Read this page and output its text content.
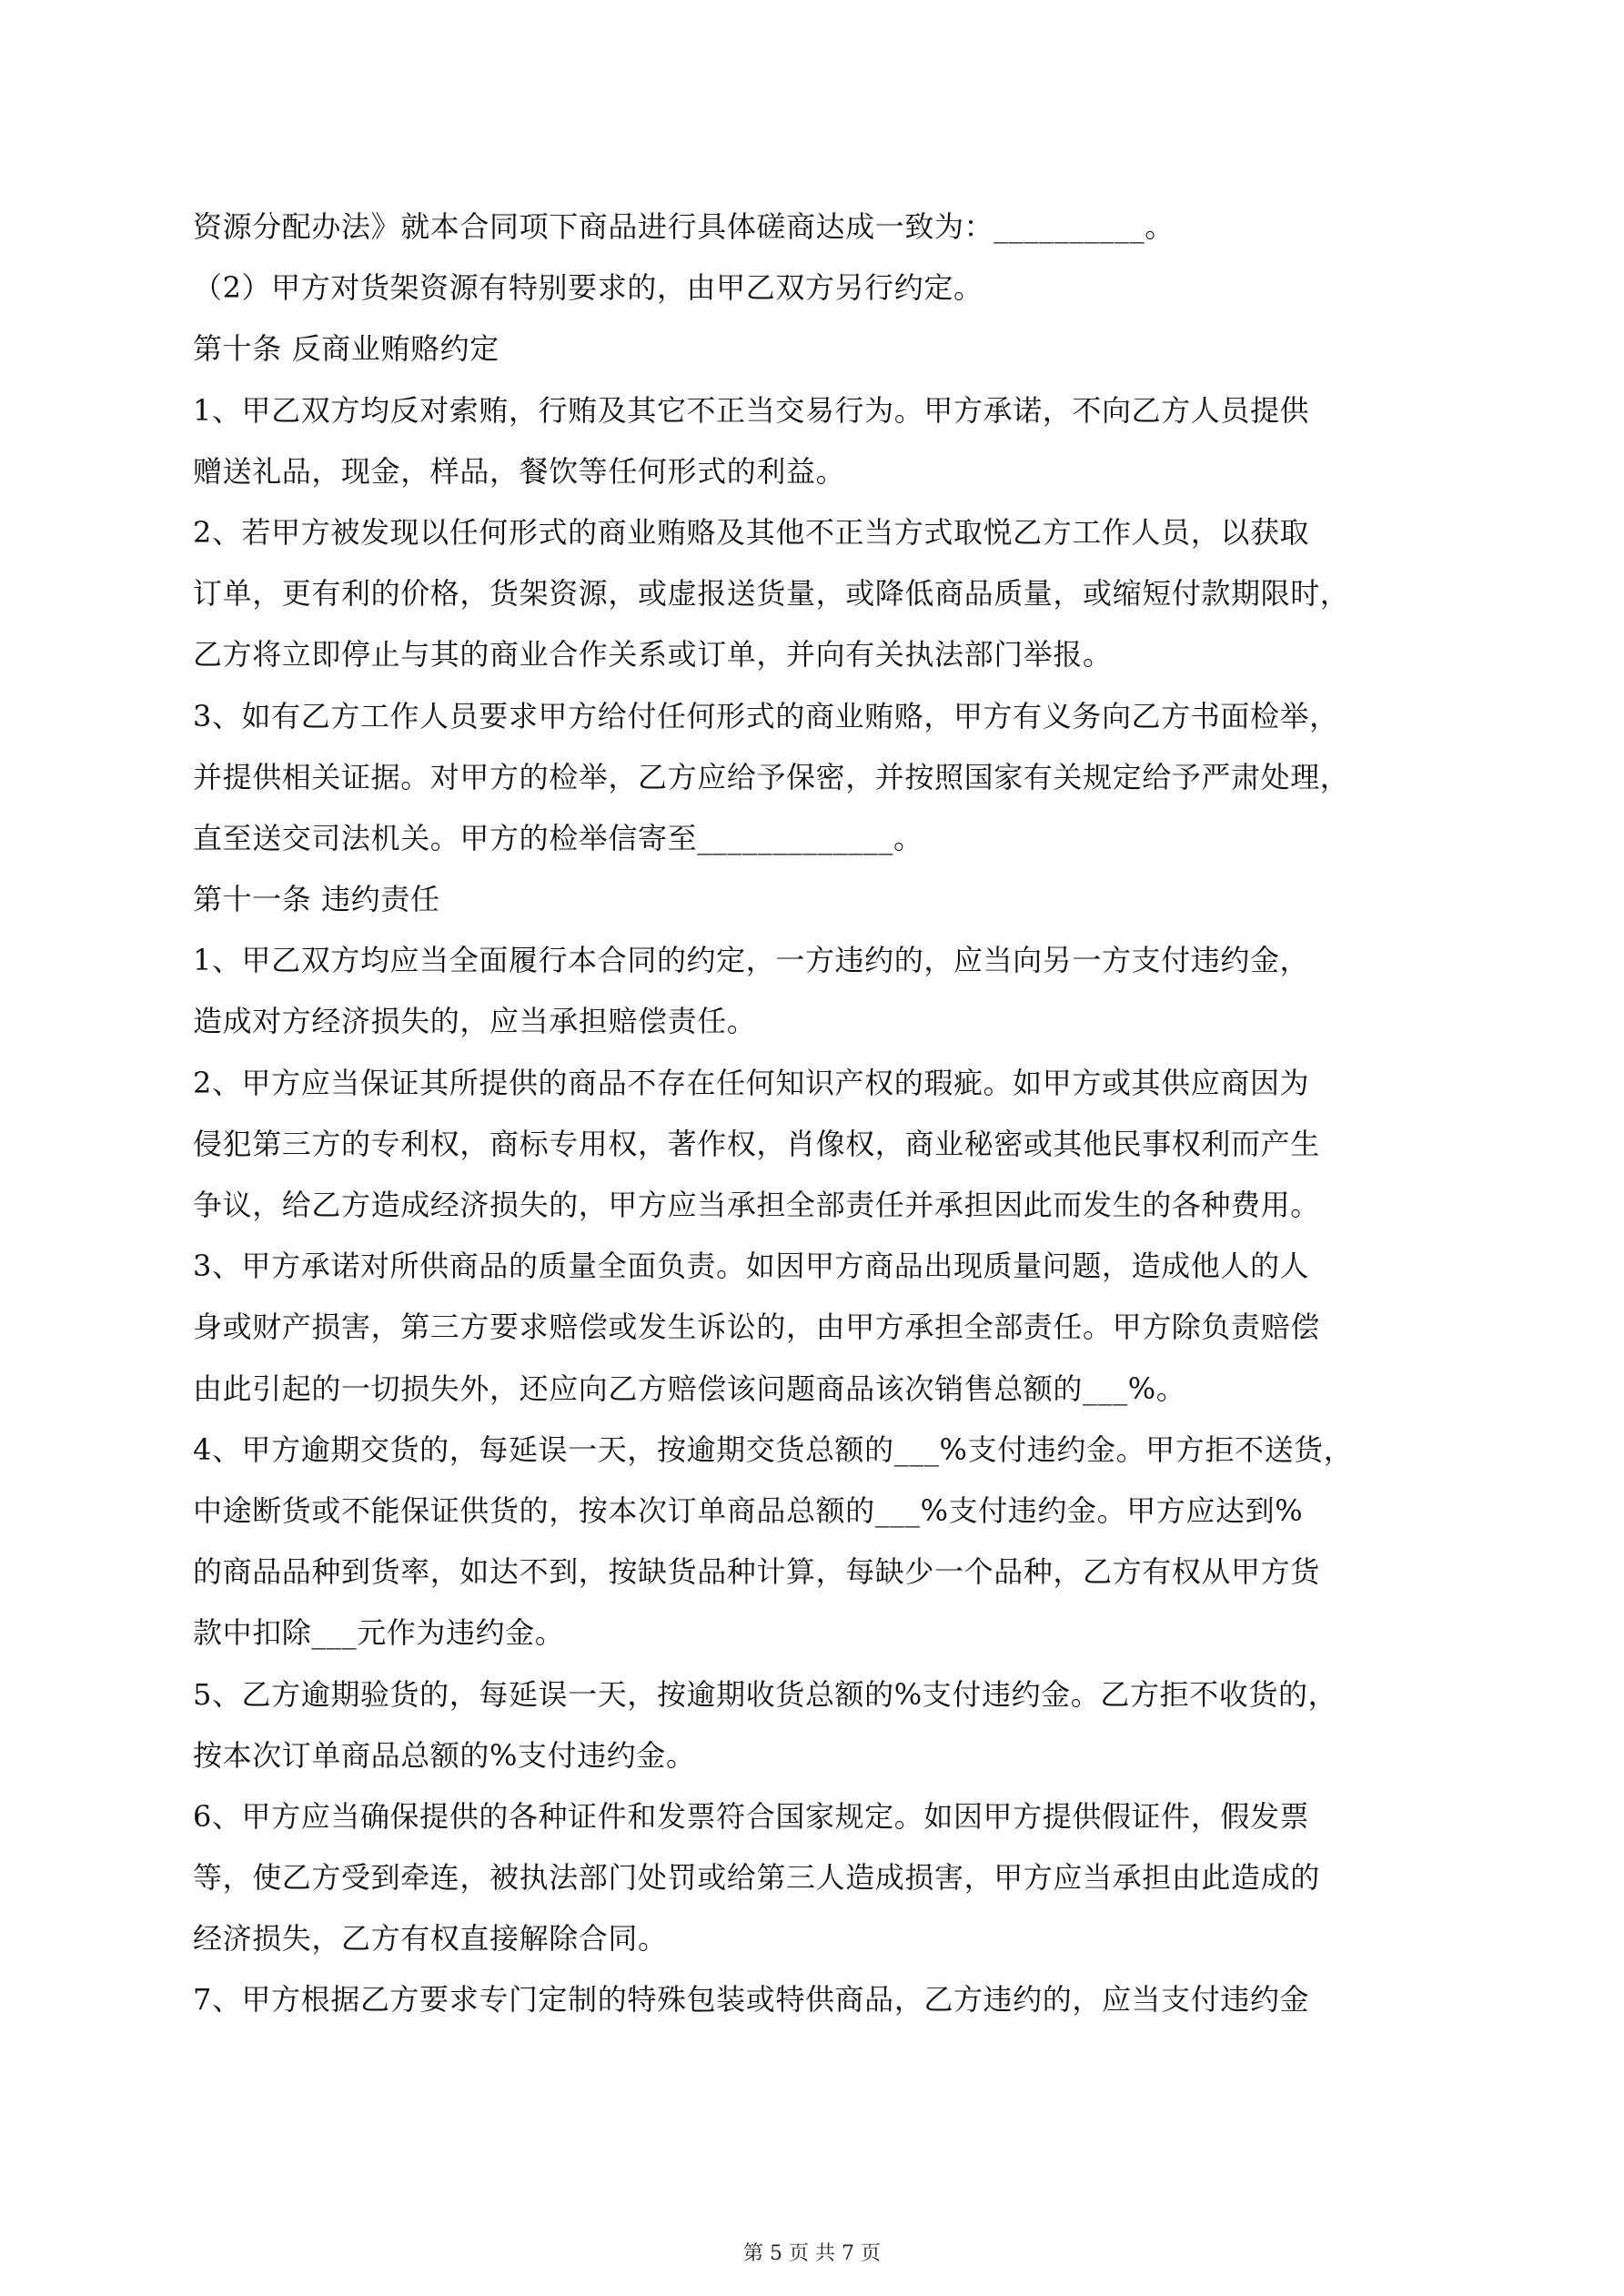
资源分配办法》就本合同项下商品进行具体磋商达成一致为：__________。
（2）甲方对货架资源有特别要求的，由甲乙双方另行约定。
第十条 反商业贿赂约定
1、甲乙双方均反对索贿，行贿及其它不正当交易行为。甲方承诺，不向乙方人员提供
赠送礼品，现金，样品，餐饮等任何形式的利益。
2、若甲方被发现以任何形式的商业贿赂及其他不正当方式取悦乙方工作人员，以获取
订单，更有利的价格，货架资源，或虚报送货量，或降低商品质量，或缩短付款期限时，
乙方将立即停止与其的商业合作关系或订单，并向有关执法部门举报。
3、如有乙方工作人员要求甲方给付任何形式的商业贿赂，甲方有义务向乙方书面检举，
并提供相关证据。对甲方的检举，乙方应给予保密，并按照国家有关规定给予严肃处理，
直至送交司法机关。甲方的检举信寄至_____________。
第十一条 违约责任
1、甲乙双方均应当全面履行本合同的约定，一方违约的，应当向另一方支付违约金，
造成对方经济损失的，应当承担赔偿责任。
2、甲方应当保证其所提供的商品不存在任何知识产权的瑕疵。如甲方或其供应商因为
侵犯第三方的专利权，商标专用权，著作权，肖像权，商业秘密或其他民事权利而产生
争议，给乙方造成经济损失的，甲方应当承担全部责任并承担因此而发生的各种费用。
3、甲方承诺对所供商品的质量全面负责。如因甲方商品出现质量问题，造成他人的人
身或财产损害，第三方要求赔偿或发生诉讼的，由甲方承担全部责任。甲方除负责赔偿
由此引起的一切损失外，还应向乙方赔偿该问题商品该次销售总额的___%。
4、甲方逾期交货的，每延误一天，按逾期交货总额的___%支付违约金。甲方拒不送货，
中途断货或不能保证供货的，按本次订单商品总额的___%支付违约金。甲方应达到%
的商品品种到货率，如达不到，按缺货品种计算，每缺少一个品种，乙方有权从甲方货
款中扣除___元作为违约金。
5、乙方逾期验货的，每延误一天，按逾期收货总额的%支付违约金。乙方拒不收货的，
按本次订单商品总额的%支付违约金。
6、甲方应当确保提供的各种证件和发票符合国家规定。如因甲方提供假证件，假发票
等，使乙方受到牵连，被执法部门处罚或给第三人造成损害，甲方应当承担由此造成的
经济损失，乙方有权直接解除合同。
7、甲方根据乙方要求专门定制的特殊包装或特供商品，乙方违约的，应当支付违约金
第 5 页 共 7 页
